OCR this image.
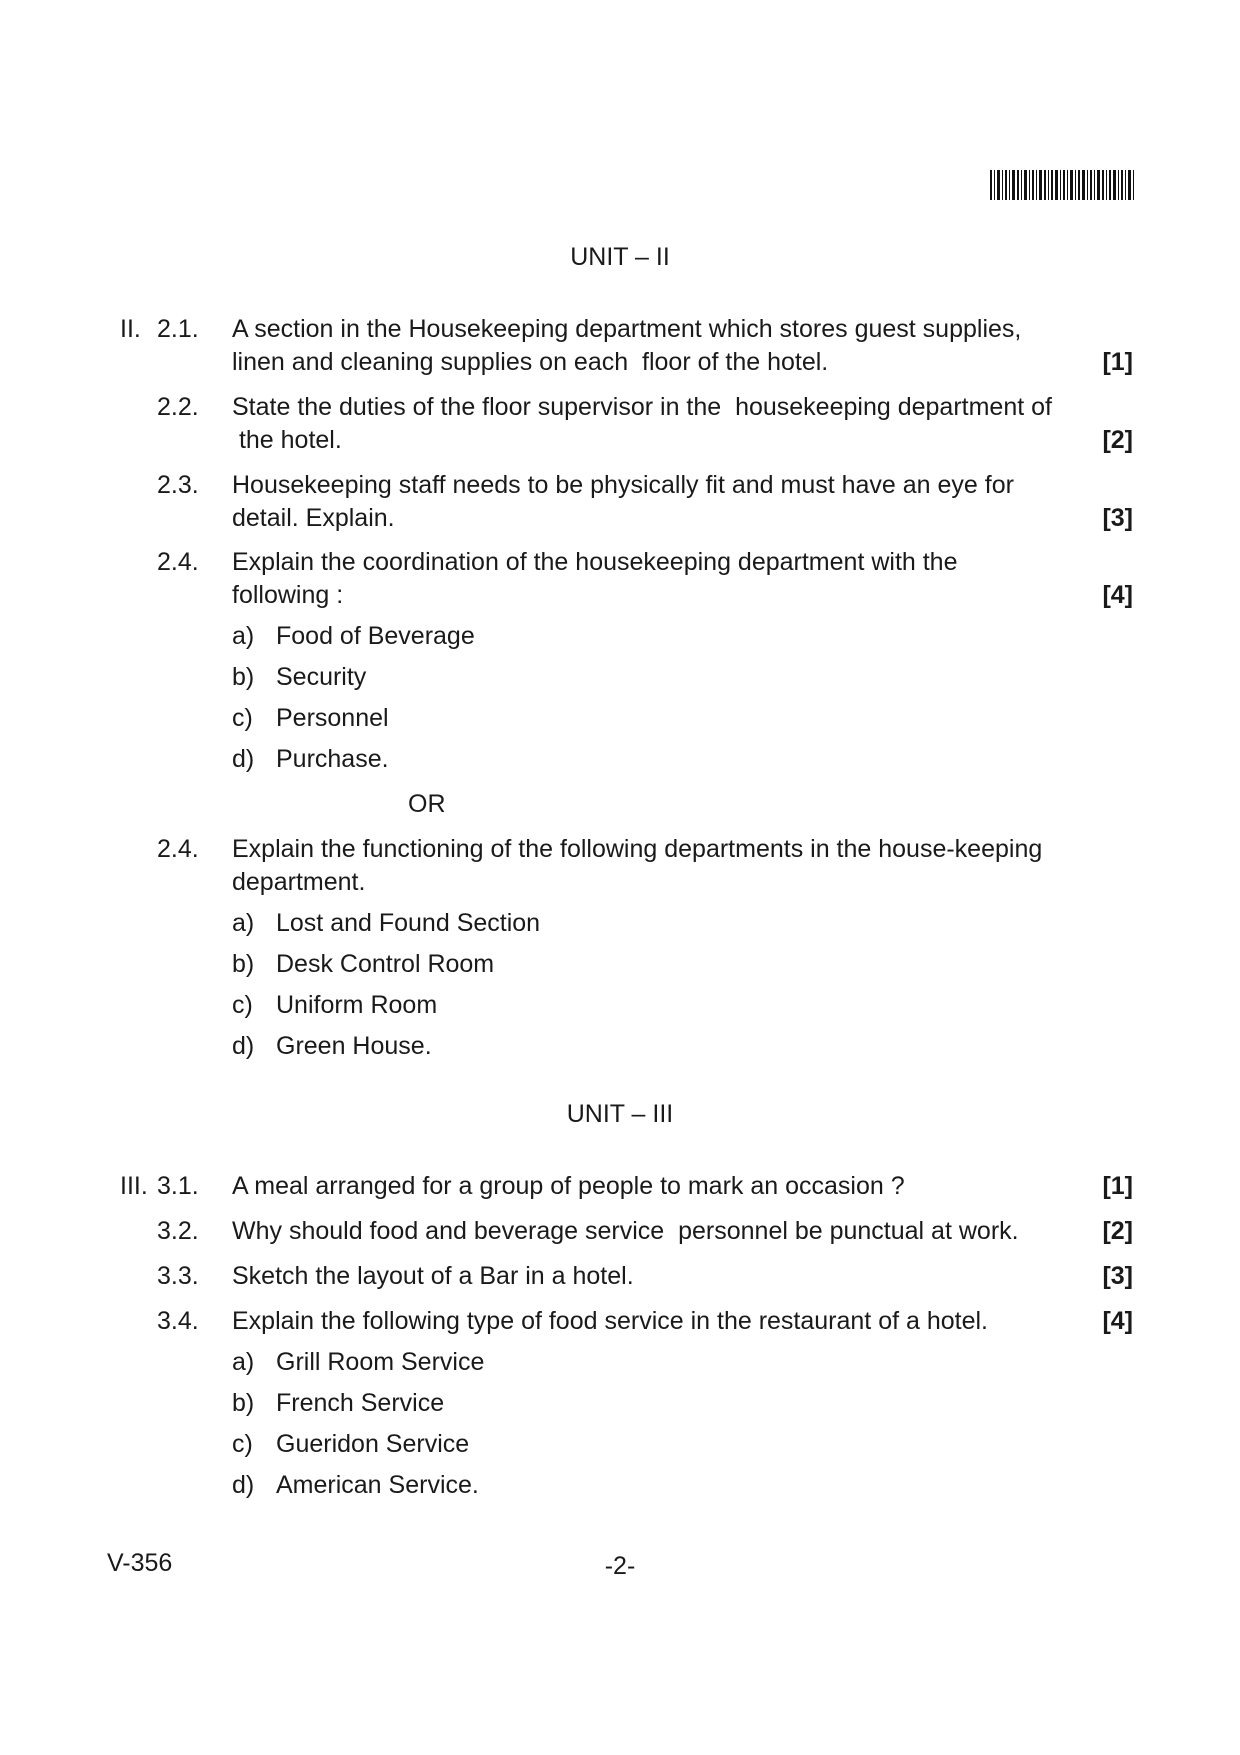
UNIT – II
II. 2.1. A section in the Housekeeping department which stores guest supplies,
linen and cleaning supplies on each  floor of the hotel.	[1]
2.2. State the duties of the floor supervisor in the  housekeeping department of
the hotel.	[2]
2.3. Housekeeping staff needs to be physically fit and must have an eye for
detail. Explain.	[3]
2.4. Explain the coordination of the housekeeping department with the
following :	[4]
a) Food of Beverage
b) Security
c) Personnel
d) Purchase.
OR
2.4. Explain the functioning of the following departments in the house-keeping
department.
a) Lost and Found Section
b) Desk Control Room
c) Uniform Room
d) Green House.
UNIT – III
III. 3.1. A meal arranged for a group of people to mark an occasion ?	[1]
3.2. Why should food and beverage service  personnel be punctual at work.	[2]
3.3. Sketch the layout of a Bar in a hotel.	[3]
3.4. Explain the following type of food service in the restaurant of a hotel.	[4]
a) Grill Room Service
b) French Service
c) Gueridon Service
d) American Service.
V-356	-2-
